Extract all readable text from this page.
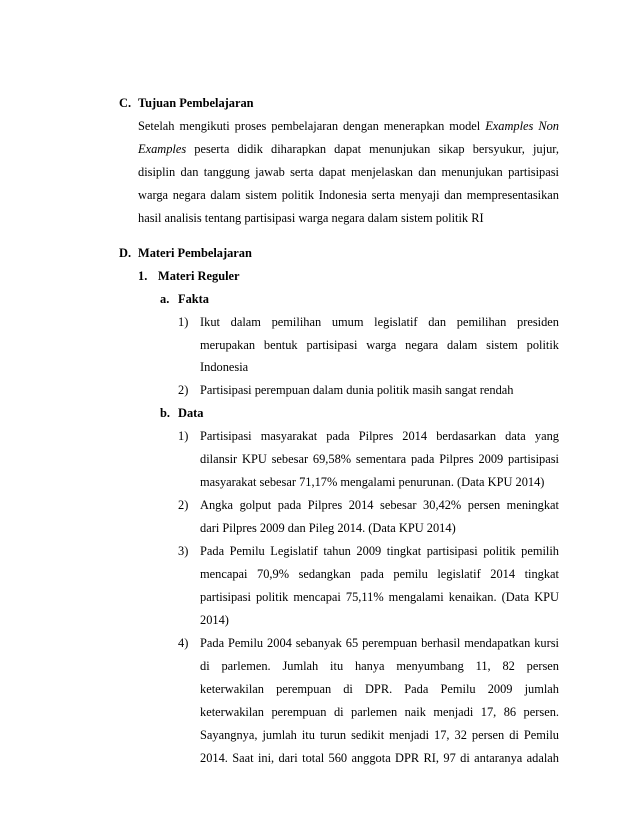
C. Tujuan Pembelajaran
Setelah mengikuti proses pembelajaran dengan menerapkan model Examples Non
Examples peserta didik diharapkan dapat menunjukan sikap bersyukur, jujur,
disiplin dan tanggung jawab serta dapat menjelaskan dan menunjukan partisipasi
warga negara dalam sistem politik Indonesia serta menyaji dan mempresentasikan
hasil analisis tentang partisipasi warga negara dalam sistem politik RI
D. Materi Pembelajaran
1. Materi Reguler
a. Fakta
1) Ikut dalam pemilihan umum legislatif dan pemilihan presiden
merupakan bentuk partisipasi warga negara dalam sistem politik
Indonesia
2) Partisipasi perempuan dalam dunia politik masih sangat rendah
b. Data
1) Partisipasi masyarakat pada Pilpres 2014 berdasarkan data yang
dilansir KPU sebesar 69,58% sementara pada Pilpres 2009 partisipasi
masyarakat sebesar 71,17% mengalami penurunan. (Data KPU 2014)
2) Angka golput pada Pilpres 2014 sebesar 30,42% persen meningkat
dari Pilpres 2009 dan Pileg 2014. (Data KPU 2014)
3) Pada Pemilu Legislatif tahun 2009 tingkat partisipasi politik pemilih
mencapai 70,9% sedangkan pada pemilu legislatif 2014 tingkat
partisipasi politik mencapai 75,11% mengalami kenaikan. (Data KPU
2014)
4) Pada Pemilu 2004 sebanyak 65 perempuan berhasil mendapatkan kursi
di parlemen. Jumlah itu hanya menyumbang 11, 82 persen
keterwakilan perempuan di DPR. Pada Pemilu 2009 jumlah
keterwakilan perempuan di parlemen naik menjadi 17, 86 persen.
Sayangnya, jumlah itu turun sedikit menjadi 17, 32 persen di Pemilu
2014. Saat ini, dari total 560 anggota DPR RI, 97 di antaranya adalah
